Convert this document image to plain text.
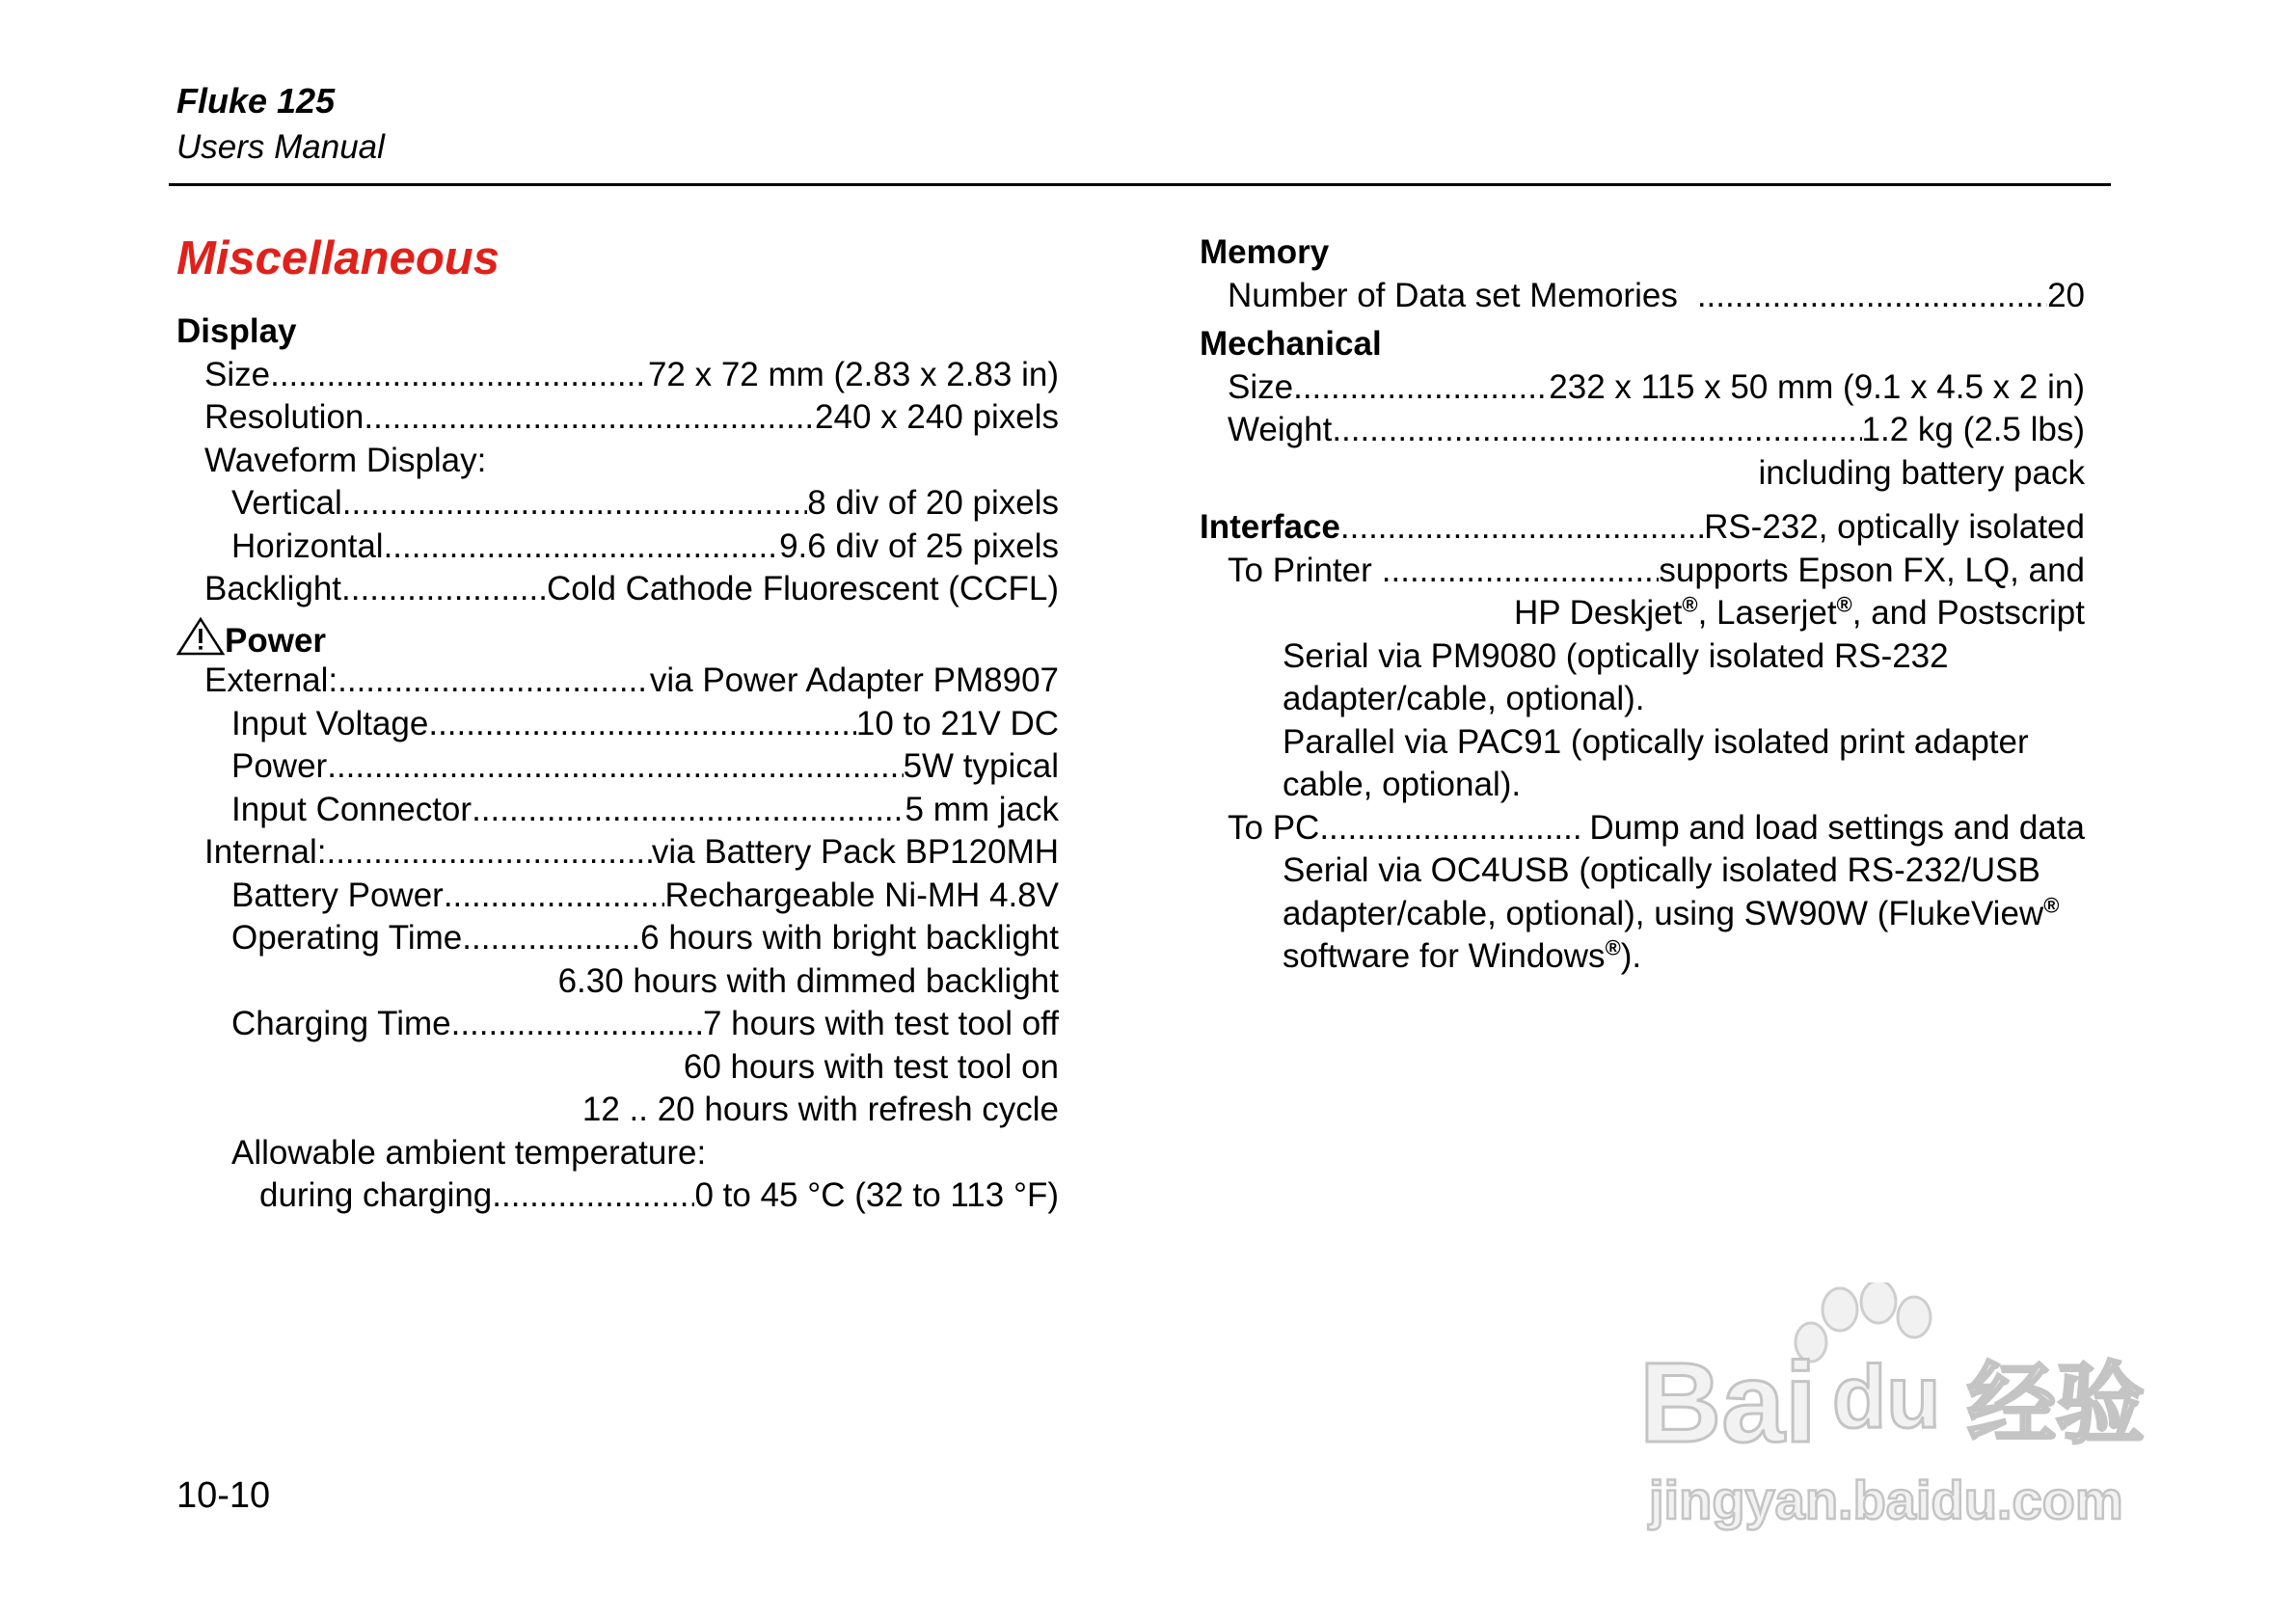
Fluke 125
Users Manual
Miscellaneous
Display
Size .....	72 x 72 mm (2.83 x 2.83 in)
Resolution .....	240 x 240 pixels
Waveform Display:
Vertical .....	8 div of 20 pixels
Horizontal .....	9.6 div of 25 pixels
Backlight .....	Cold Cathode Fluorescent (CCFL)
Power
External: .....	via Power Adapter PM8907
Input Voltage .....	10 to 21V DC
Power .....	5W typical
Input Connector .....	5 mm jack
Internal: .....	via Battery Pack BP120MH
Battery Power .....	Rechargeable Ni-MH 4.8V
Operating Time .....	6 hours with bright backlight
6.30 hours with dimmed backlight
Charging Time .....	7 hours with test tool off
60 hours with test tool on
12 .. 20 hours with refresh cycle
Allowable ambient temperature:
during charging .....	0 to 45 °C (32 to 113 °F)
Memory
Number of Data set Memories .....	20
Mechanical
Size .....	232 x 115 x 50 mm (9.1 x 4.5 x 2 in)
Weight .....	1.2 kg (2.5 lbs)
including battery pack
Interface .....	RS-232, optically isolated
To Printer .....	supports Epson FX, LQ, and
HP Deskjet®, Laserjet®, and Postscript
Serial via PM9080 (optically isolated RS-232
adapter/cable, optional).
Parallel via PAC91 (optically isolated print adapter
cable, optional).
To PC .....	Dump and load settings and data
Serial via OC4USB (optically isolated RS-232/USB
adapter/cable, optional), using SW90W (FlukeView®
software for Windows®).
10-10
Bai du 经验
jingyan.baidu.com
